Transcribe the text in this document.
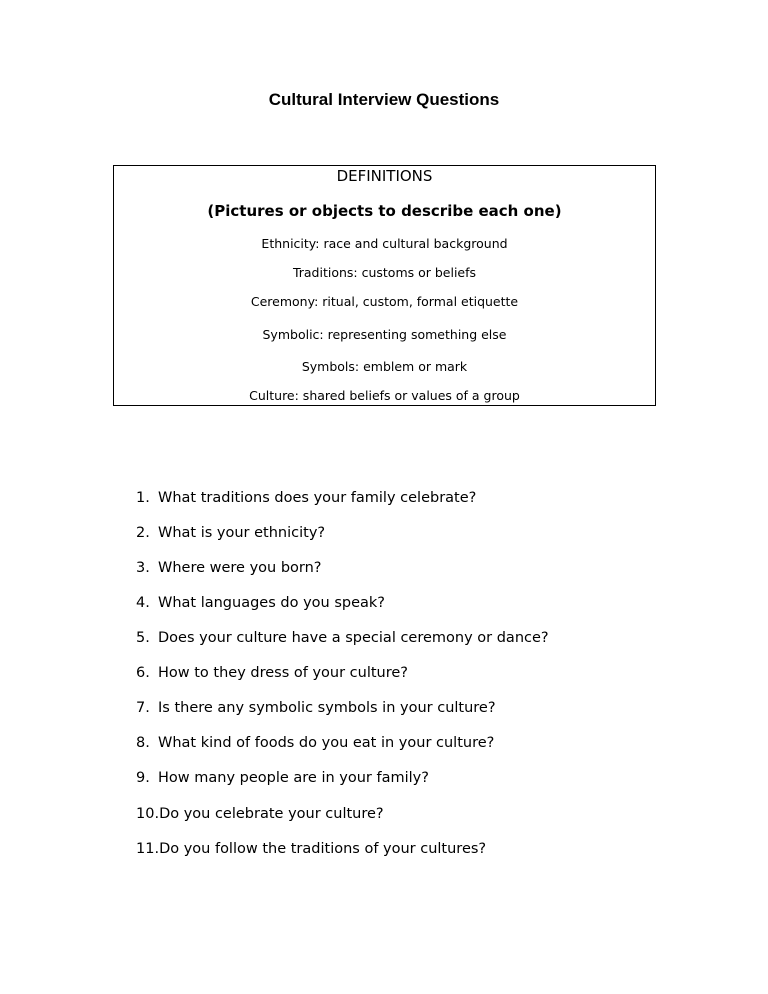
Cultural Interview Questions
DEFINITIONS
(Pictures or objects to describe each one)
Ethnicity: race and cultural background
Traditions: customs or beliefs
Ceremony: ritual, custom, formal etiquette
Symbolic: representing something else
Symbols: emblem or mark
Culture: shared beliefs or values of a group
1. What traditions does your family celebrate?
2. What is your ethnicity?
3. Where were you born?
4. What languages do you speak?
5. Does your culture have a special ceremony or dance?
6. How to they dress of your culture?
7. Is there any symbolic symbols in your culture?
8. What kind of foods do you eat in your culture?
9. How many people are in your family?
10.Do you celebrate your culture?
11.Do you follow the traditions of your cultures?
